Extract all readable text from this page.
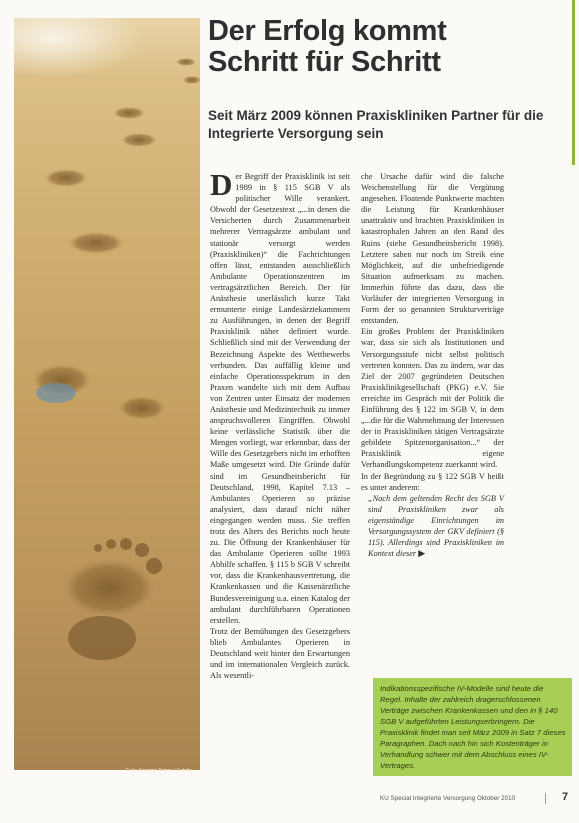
Foto: Krasimir Petrov | Fotolia
Der Erfolg kommt Schritt für Schritt
Seit März 2009 können Praxiskliniken Partner für die Integrierte Versorgung sein

Der Begriff der Praxisklinik ist seit 1989 in § 115 SGB V als politischer Wille verankert. Obwohl der Gesetzestext „...in denen die Versicherten durch Zusammenarbeit mehrerer Vertragsärzte ambulant und stationär versorgt werden (Praxiskliniken)“ die Fachrichtungen offen lässt, entstanden ausschließlich Ambulante Operationszentren im vertragsärztlichen Bereich. Der für Anästhesie unerlässlich kurze Takt ermunterte einige Landesärztekammern zu Ausführungen, in denen der Begriff Praxisklinik näher definiert wurde. Schließlich sind mit der Verwendung der Bezeichnung Aspekte des Wettbewerbs verbunden. Das auffällig kleine und einfache Operationsspektrum in den Praxen wandelte sich mit dem Aufbau von Zentren unter Einsatz der modernen Anästhesie und Medizintechnik zu immer anspruchsvolleren Eingriffen. Obwohl keine verlässliche Statistik über die Mengen vorliegt, war erkennbar, dass der Wille des Gesetzgebers nicht im erhofften Maße umgesetzt wird. Die Gründe dafür sind im Gesundheitsbericht für Deutschland, 1998, Kapitel 7.13 – Ambulantes Operieren so präzise analysiert, dass darauf nicht näher eingegangen werden muss. Sie treffen trotz des Alters des Berichts noch heute zu. Die Öffnung der Krankenhäuser für das Ambulante Operieren sollte 1993 Abhilfe schaffen. § 115 b SGB V schreibt vor, dass die Krankenhausvertretung, die Krankenkassen und die Kassenärztliche Bundesvereinigung u.a. einen Katalog der ambulant durchführbaren Operationen erstellen.

Trotz der Bemühungen des Gesetzgebers blieb Ambulantes Operieren in Deutschland weit hinter den Erwartungen und im internationalen Vergleich zurück. Als wesentli-

che Ursache dafür wird die falsche Weichenstellung für die Vergütung angesehen. Floatende Punktwerte machten die Leistung für Krankenhäuser unattraktiv und brachten Praxiskliniken in katastrophalen Jahren an den Rand des Ruins (siehe Gesundheitsbericht 1998). Letztere sahen nur noch im Streik eine Möglichkeit, auf die unbefriedigende Situation aufmerksam zu machen. Immerhin führte das dazu, dass die Vorläufer der integrierten Versorgung in Form der so genannten Strukturverträge entstanden.

Ein großes Problem der Praxiskliniken war, dass sie sich als Institutionen und Versorgungsstufe nicht selbst politisch vertreten konnten. Das zu ändern, war das Ziel der 2007 gegründeten Deutschen Praxisklinikgesellschaft (PKG) e.V. Sie erreichte im Gespräch mit der Politik die Einführung des § 122 im SGB V, in dem „...die für die Wahrnehmung der Interessen der in Praxiskliniken tätigen Vertragsärzte gebildete Spitzenorganisation...“ der Praxisklinik eigene Verhandlungskompetenz zuerkannt wird.

In der Begründung zu § 122 SGB V heißt es unter anderem:

„Nach dem geltenden Recht des SGB V sind Praxiskliniken zwar als eigenständige Einrichtungen im Versorgungssystem der GKV definiert (§ 115). Allerdings sind Praxiskliniken im Kontext dieser ▶

Indikationsspezifische IV-Modelle sind heute die Regel. Inhalte der zahlreich dragerschlossenen Verträge zwischen Krankenkassen und den in § 140 SGB V aufgeführten Leistungserbringern. Die Praxisklinik findet man seit März 2009 in Satz 7 dieses Paragraphen. Dach nach hin sich Kostenträger in Verhandlung schwer mit dem Abschluss eines IV-Vertrages.
KU Special Integrierte Versorgung Oktober 2010	7
